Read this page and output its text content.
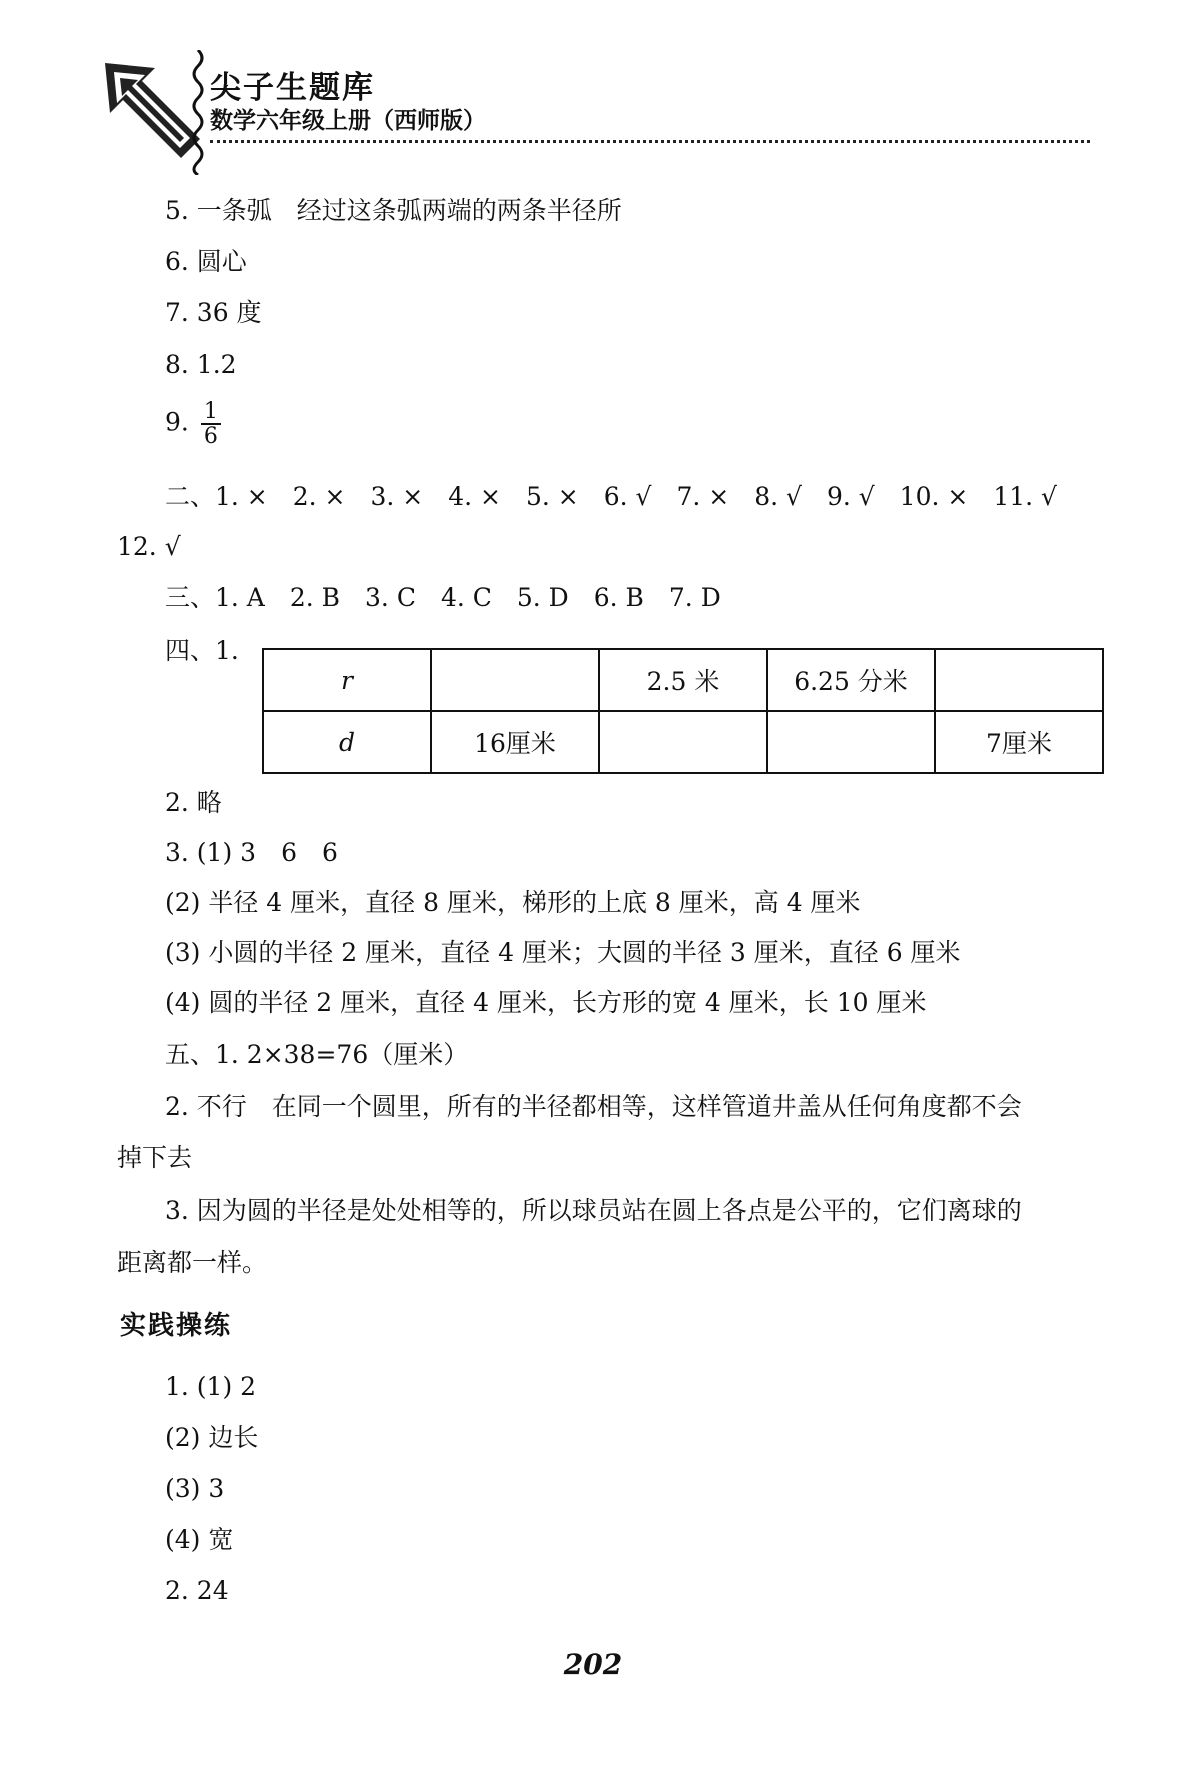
尖子生题库
数学六年级上册（西师版）
5. 一条弧　经过这条弧两端的两条半径所
6. 圆心
7. 36 度
8. 1.2
9. $\frac{1}{6}$
二、1. ×　2. ×　3. ×　4. ×　5. ×　6. √　7. ×　8. √　9. √　10. ×　11. √
12. √
三、1. A　2. B　3. C　4. C　5. D　6. B　7. D
四、1.
r		2.5 米	6.25 分米	
d	16厘米			7厘米
2. 略
3. (1) 3　6　6
(2) 半径 4 厘米，直径 8 厘米，梯形的上底 8 厘米，高 4 厘米
(3) 小圆的半径 2 厘米，直径 4 厘米；大圆的半径 3 厘米，直径 6 厘米
(4) 圆的半径 2 厘米，直径 4 厘米，长方形的宽 4 厘米，长 10 厘米
五、1. 2×38=76（厘米）
2. 不行　在同一个圆里，所有的半径都相等，这样管道井盖从任何角度都不会
掉下去
3. 因为圆的半径是处处相等的，所以球员站在圆上各点是公平的，它们离球的
距离都一样。
实践操练
1. (1) 2
(2) 边长
(3) 3
(4) 宽
2. 24
202
